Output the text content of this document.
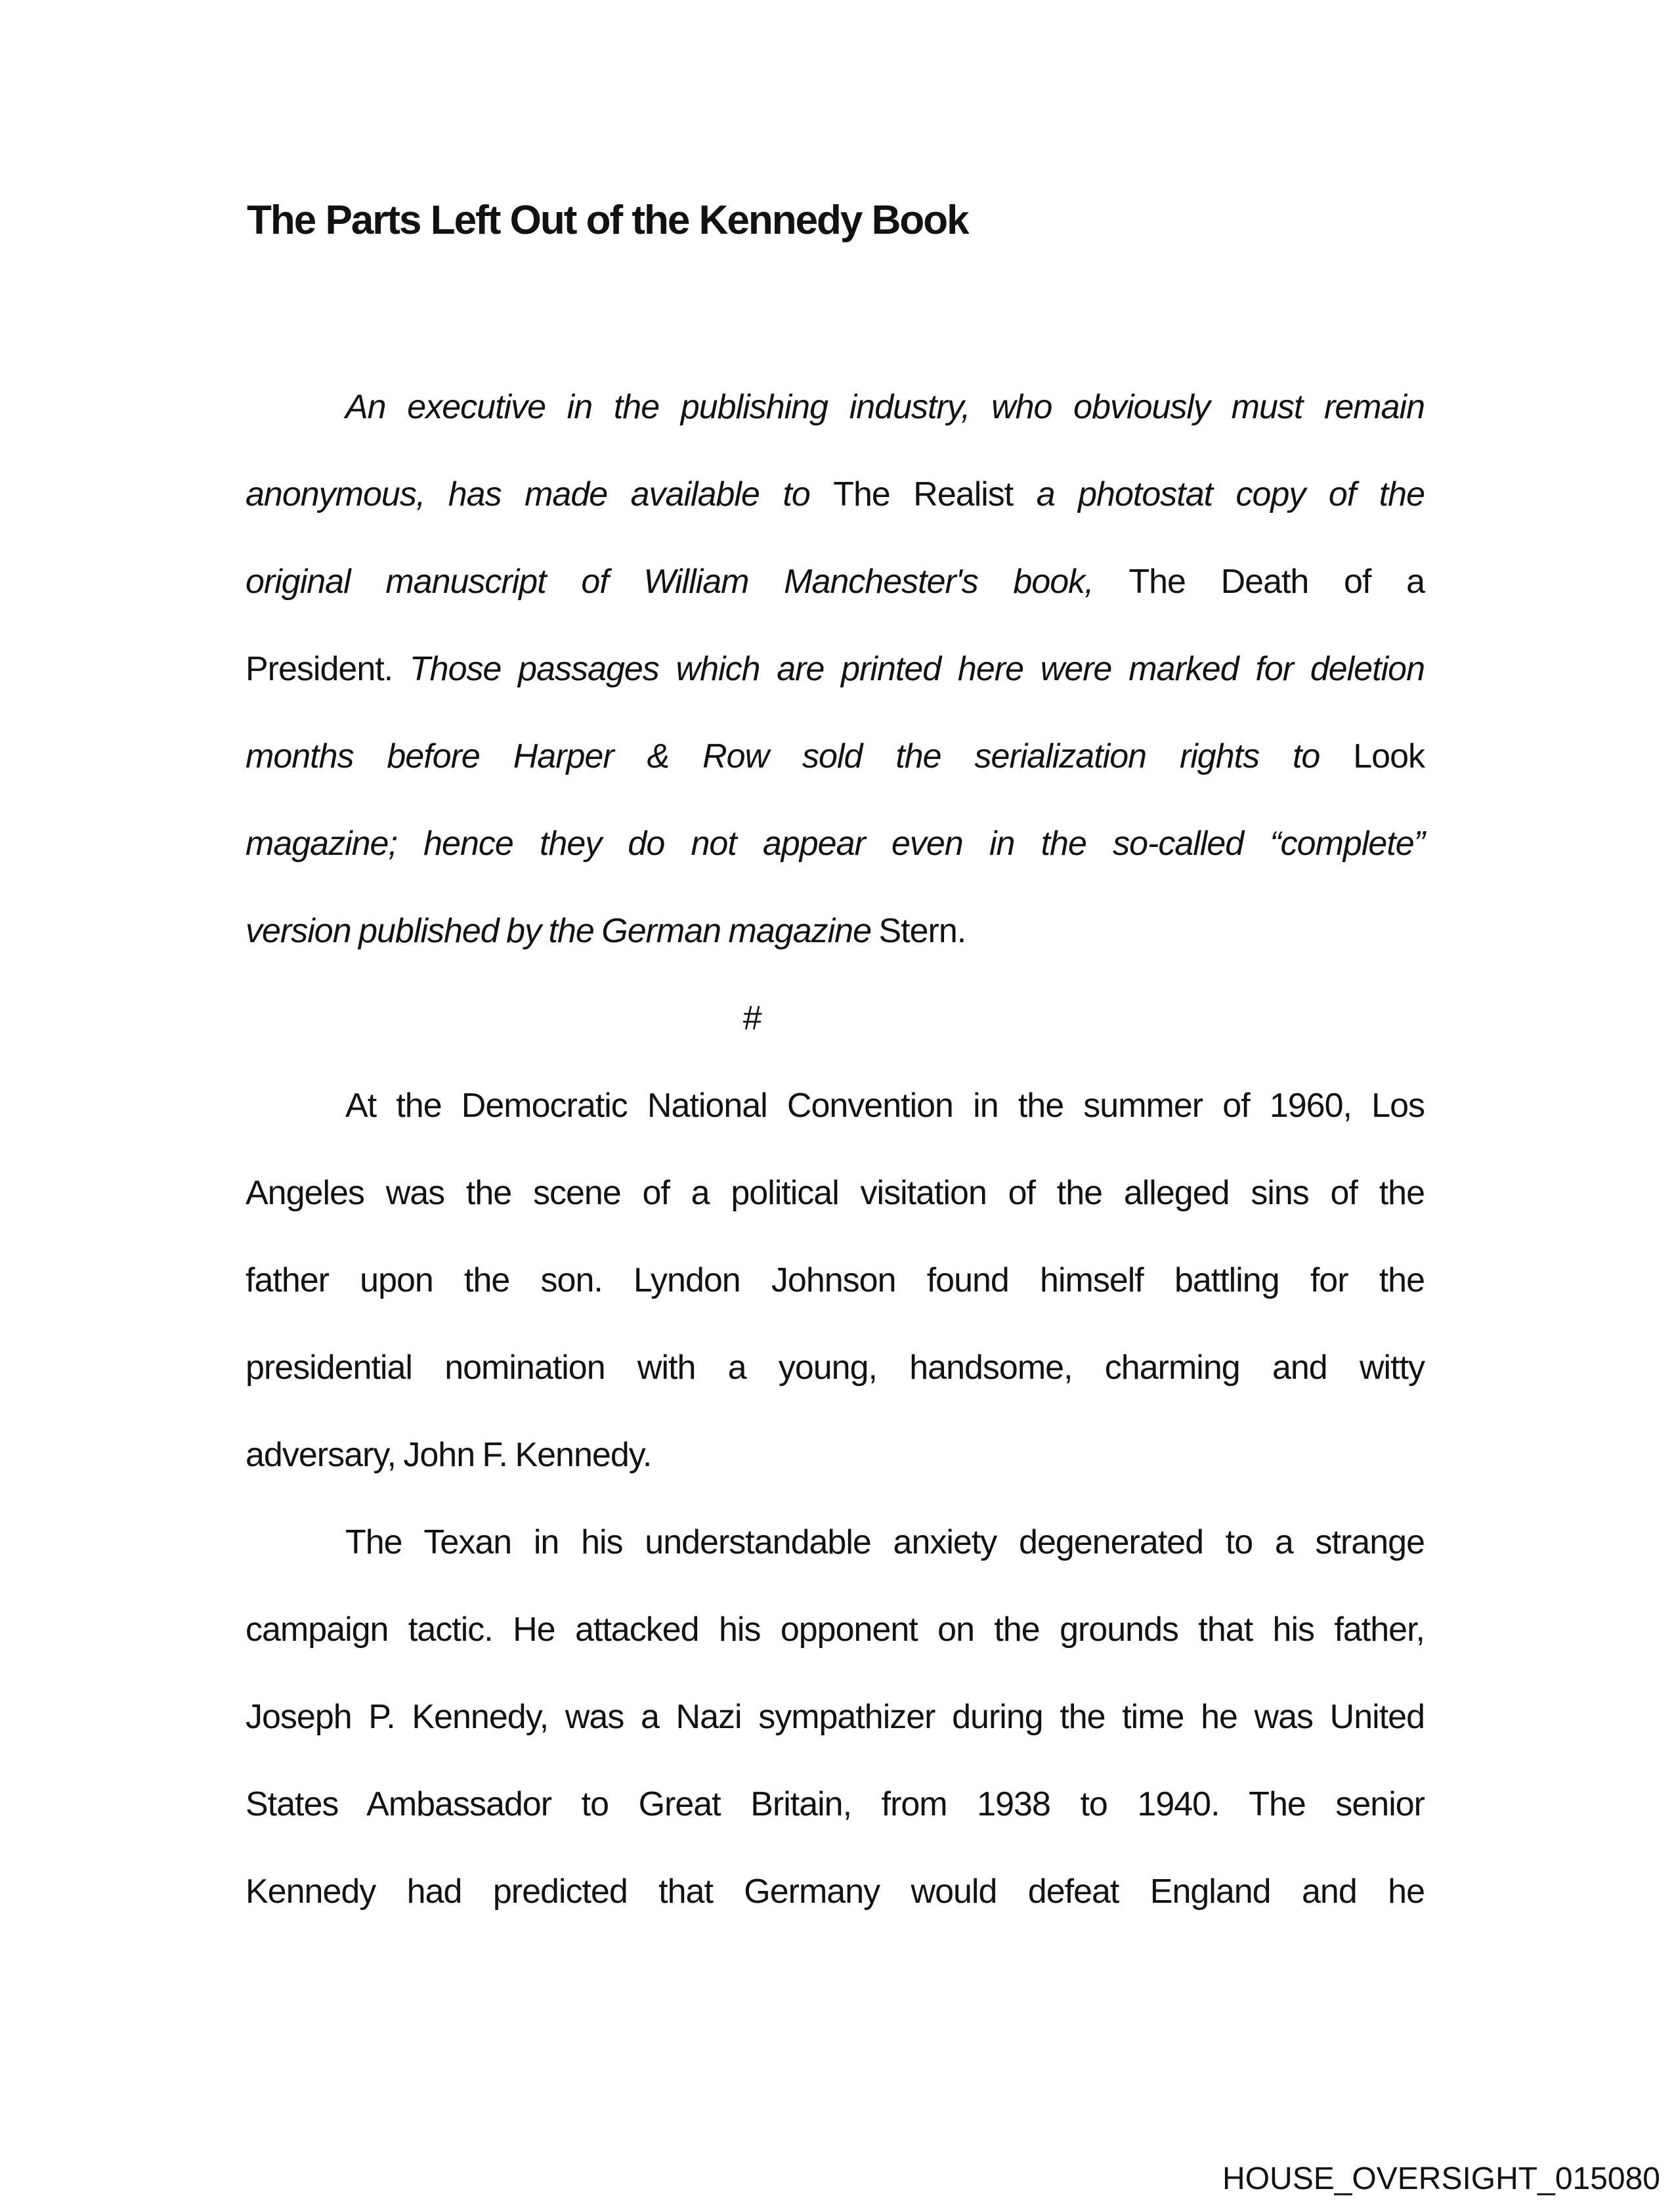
The Parts Left Out of the Kennedy Book
An executive in the publishing industry, who obviously must remain
anonymous, has made available to The Realist a photostat copy of the
original manuscript of William Manchester's book, The Death of a
President. Those passages which are printed here were marked for deletion
months before Harper & Row sold the serialization rights to Look
magazine; hence they do not appear even in the so-called “complete”
version published by the German magazine Stern.
#
At the Democratic National Convention in the summer of 1960, Los
Angeles was the scene of a political visitation of the alleged sins of the
father upon the son. Lyndon Johnson found himself battling for the
presidential nomination with a young, handsome, charming and witty
adversary, John F. Kennedy.
The Texan in his understandable anxiety degenerated to a strange
campaign tactic. He attacked his opponent on the grounds that his father,
Joseph P. Kennedy, was a Nazi sympathizer during the time he was United
States Ambassador to Great Britain, from 1938 to 1940. The senior
Kennedy had predicted that Germany would defeat England and he
HOUSE_OVERSIGHT_015080
